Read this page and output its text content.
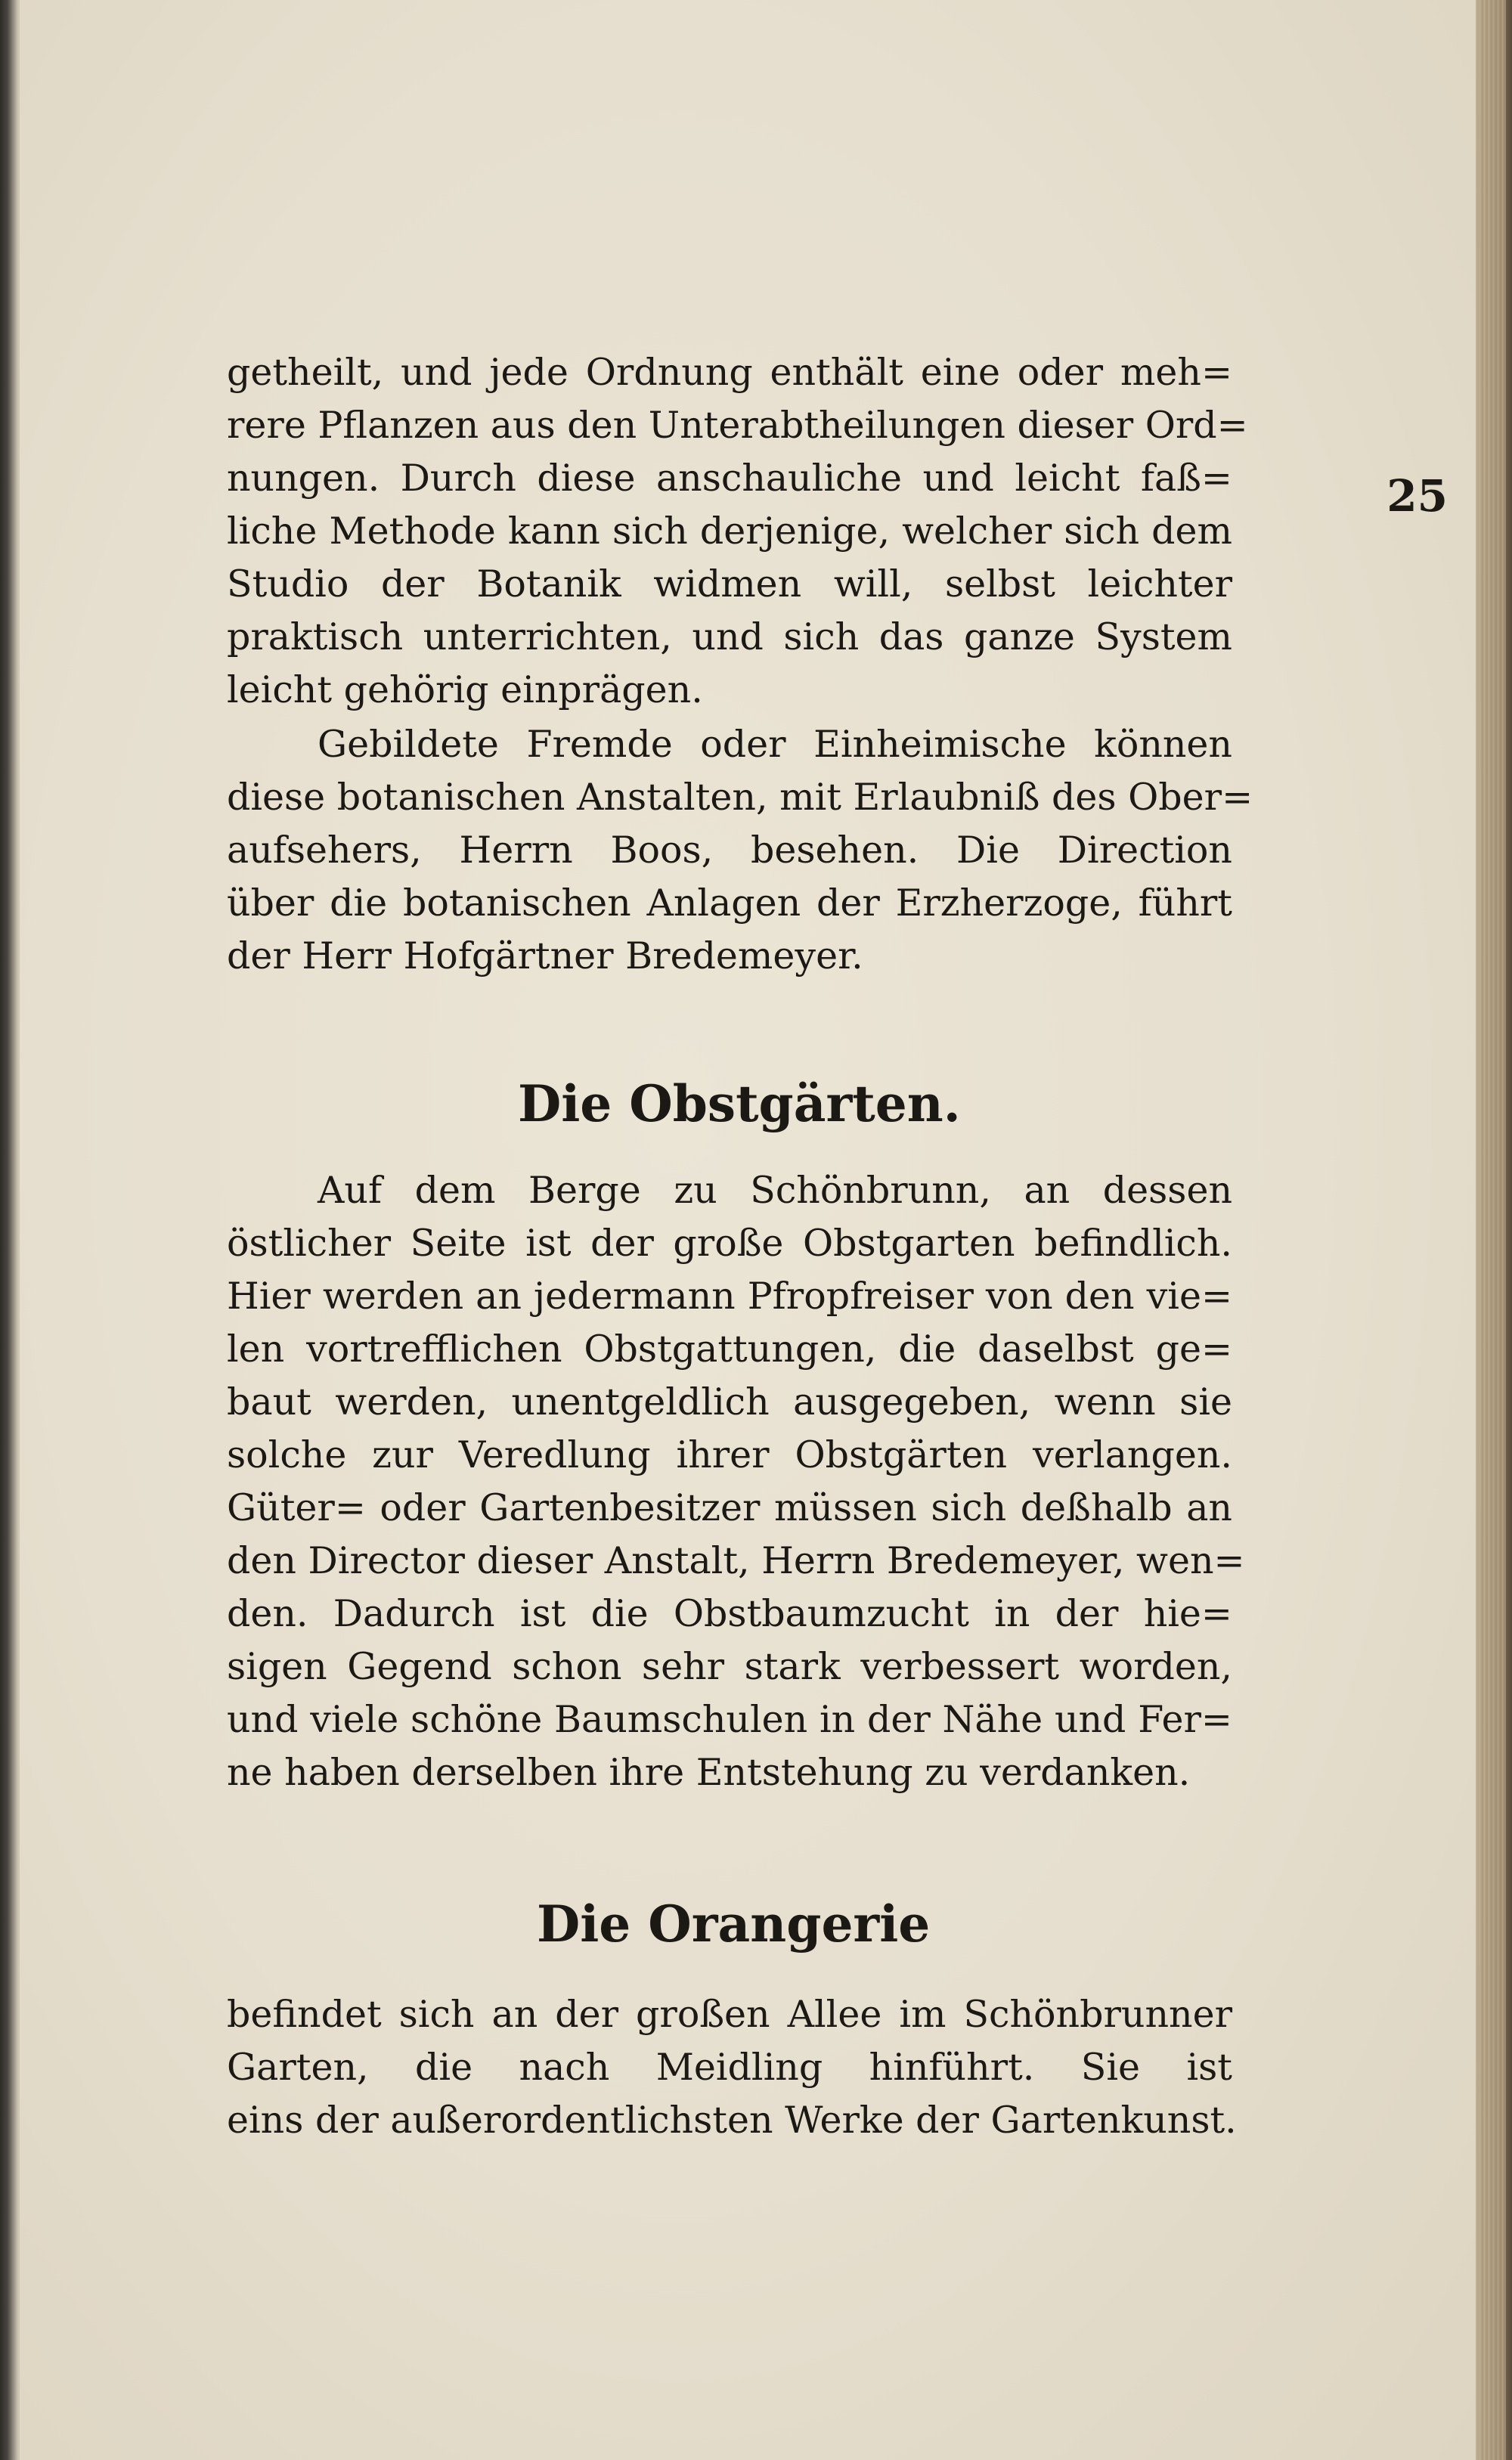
25
getheilt, und jede Ordnung enthält eine oder meh=
rere Pflanzen aus den Unterabtheilungen dieser Ord=
nungen. Durch diese anschauliche und leicht faß=
liche Methode kann sich derjenige, welcher sich dem
Studio der Botanik widmen will, selbst leichter
praktisch unterrichten, und sich das ganze System
leicht gehörig einprägen.
Gebildete Fremde oder Einheimische können
diese botanischen Anstalten, mit Erlaubniß des Ober=
aufsehers, Herrn Boos, besehen. Die Direction
über die botanischen Anlagen der Erzherzoge, führt
der Herr Hofgärtner Bredemeyer.
Die Obstgärten.
Auf dem Berge zu Schönbrunn, an dessen
östlicher Seite ist der große Obstgarten befindlich.
Hier werden an jedermann Pfropfreiser von den vie=
len vortrefflichen Obstgattungen, die daselbst ge=
baut werden, unentgeldlich ausgegeben, wenn sie
solche zur Veredlung ihrer Obstgärten verlangen.
Güter= oder Gartenbesitzer müssen sich deßhalb an
den Director dieser Anstalt, Herrn Bredemeyer, wen=
den. Dadurch ist die Obstbaumzucht in der hie=
sigen Gegend schon sehr stark verbessert worden,
und viele schöne Baumschulen in der Nähe und Fer=
ne haben derselben ihre Entstehung zu verdanken.
Die Orangerie
befindet sich an der großen Allee im Schönbrunner
Garten, die nach Meidling hinführt. Sie ist
eins der außerordentlichsten Werke der Gartenkunst.
